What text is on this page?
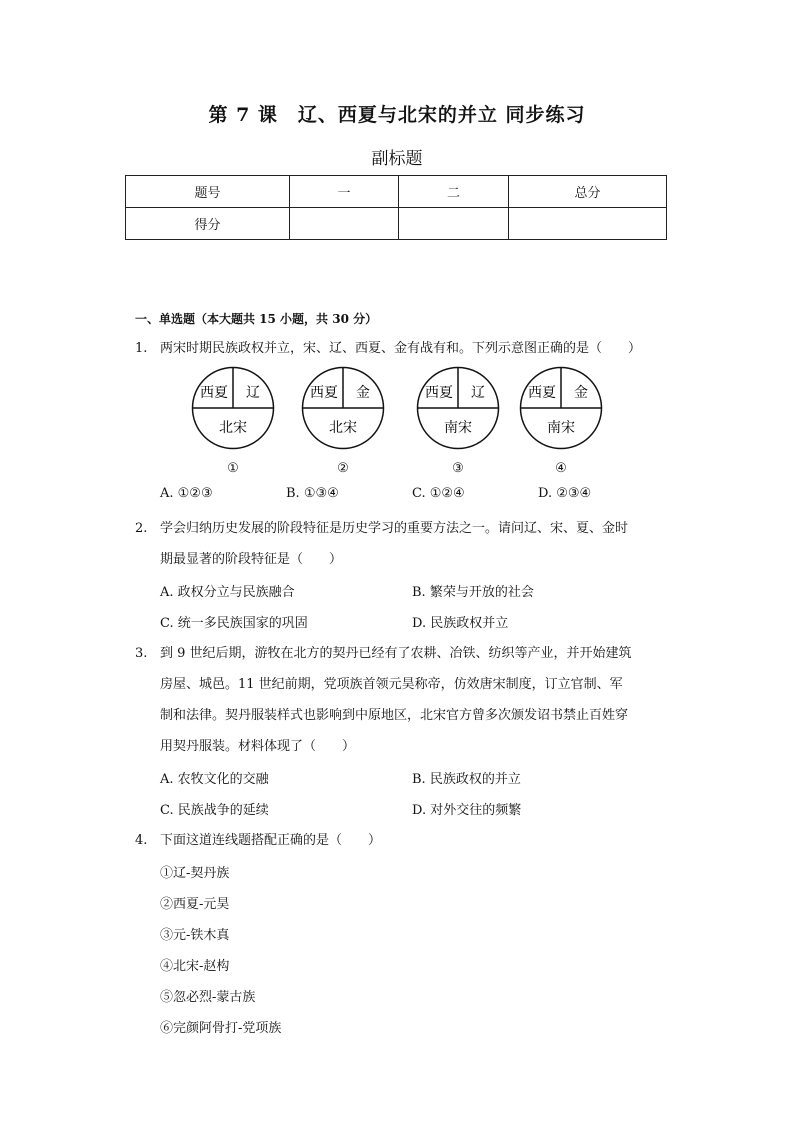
第 7 课　辽、西夏与北宋的并立 同步练习
副标题
题号	一	二	总分
得分			
一、单选题（本大题共 15 小题，共 30 分）
1. 两宋时期民族政权并立，宋、辽、西夏、金有战有和。下列示意图正确的是（　　）
西夏 辽
北宋
①
西夏 金
北宋
②
西夏 辽
南宋
③
西夏 金
南宋
④
A. ①②③	B. ①③④	C. ①②④	D. ②③④
2. 学会归纳历史发展的阶段特征是历史学习的重要方法之一。请问辽、宋、夏、金时
期最显著的阶段特征是（　　）
A. 政权分立与民族融合	B. 繁荣与开放的社会
C. 统一多民族国家的巩固	D. 民族政权并立
3. 到 9 世纪后期，游牧在北方的契丹已经有了农耕、冶铁、纺织等产业，并开始建筑
房屋、城邑。11 世纪前期，党项族首领元昊称帝，仿效唐宋制度，订立官制、军
制和法律。契丹服装样式也影响到中原地区，北宋官方曾多次颁发诏书禁止百姓穿
用契丹服装。材料体现了（　　）
A. 农牧文化的交融	B. 民族政权的并立
C. 民族战争的延续	D. 对外交往的频繁
4. 下面这道连线题搭配正确的是（　　）
①辽-契丹族
②西夏-元昊
③元-铁木真
④北宋-赵构
⑤忽必烈-蒙古族
⑥完颜阿骨打-党项族
